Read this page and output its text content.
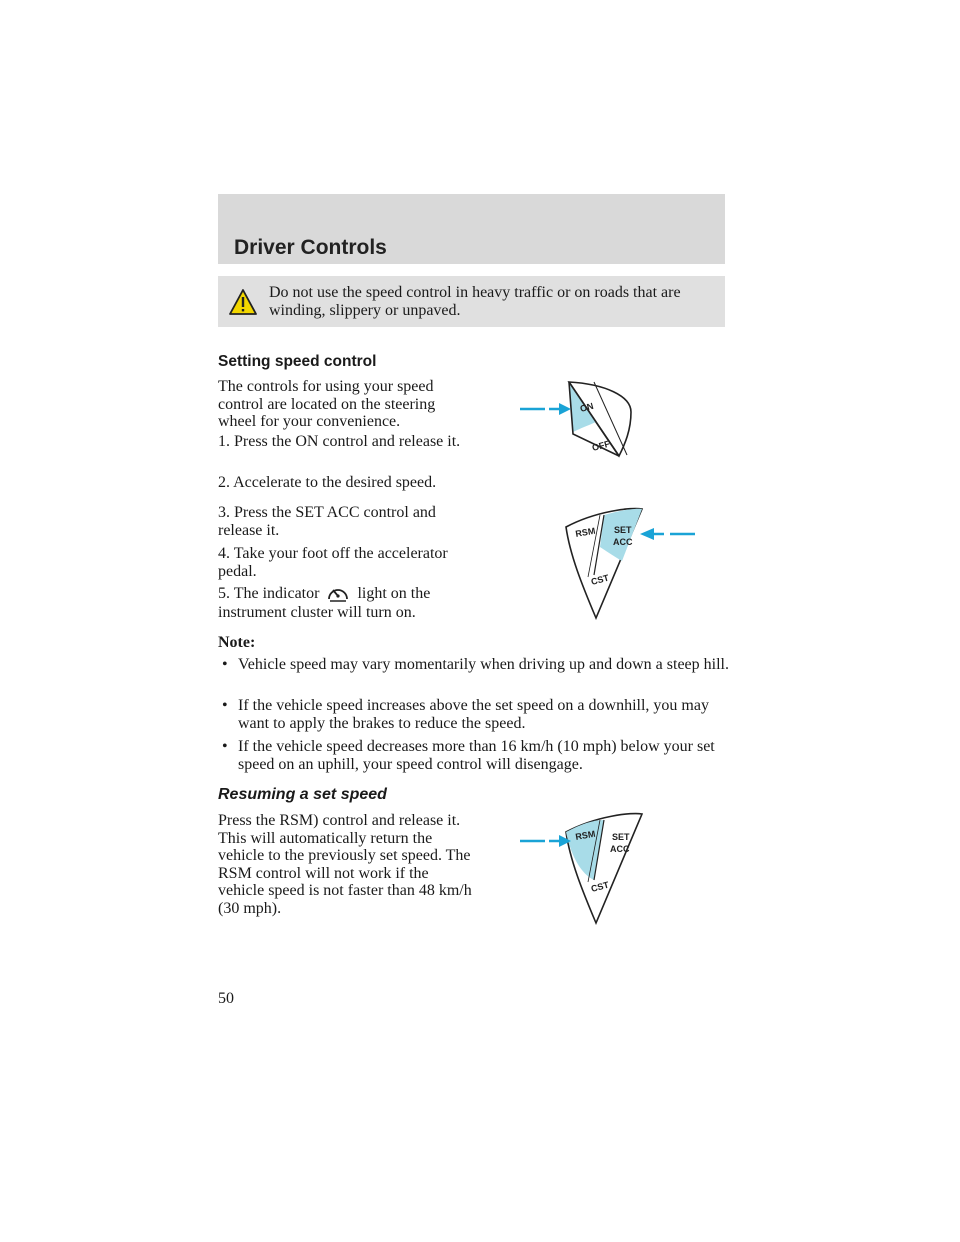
Driver Controls
Do not use the speed control in heavy traffic or on roads that are winding, slippery or unpaved.
Setting speed control
The controls for using your speed control are located on the steering wheel for your convenience.
1. Press the ON control and release it.
2. Accelerate to the desired speed.
3. Press the SET ACC control and release it.
4. Take your foot off the accelerator pedal.
5. The indicator light on the instrument cluster will turn on.
ON
OFF
RSM SET
ACC
CST
Note:
• Vehicle speed may vary momentarily when driving up and down a steep hill.
• If the vehicle speed increases above the set speed on a downhill, you may want to apply the brakes to reduce the speed.
• If the vehicle speed decreases more than 16 km/h (10 mph) below your set speed on an uphill, your speed control will disengage.
Resuming a set speed
Press the RSM) control and release it. This will automatically return the vehicle to the previously set speed. The RSM control will not work if the vehicle speed is not faster than 48 km/h (30 mph).
RSM SET
ACC
CST
50
